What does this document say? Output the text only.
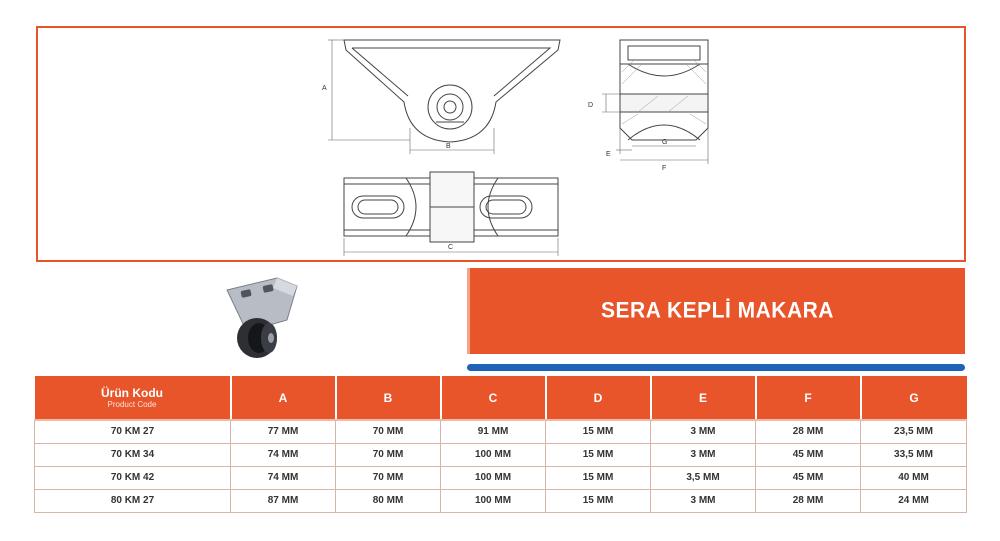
A
B
D
E
G
F
C
SERA KEPLİ MAKARA
Ürün Kodu
Product Code	A	B	C	D	E	F	G
70 KM 27	77 MM	70 MM	91 MM	15 MM	3 MM	28 MM	23,5 MM
70 KM 34	74 MM	70 MM	100 MM	15 MM	3 MM	45 MM	33,5 MM
70 KM 42	74 MM	70 MM	100 MM	15 MM	3,5 MM	45 MM	40 MM
80 KM 27	87 MM	80 MM	100 MM	15 MM	3 MM	28 MM	24 MM
